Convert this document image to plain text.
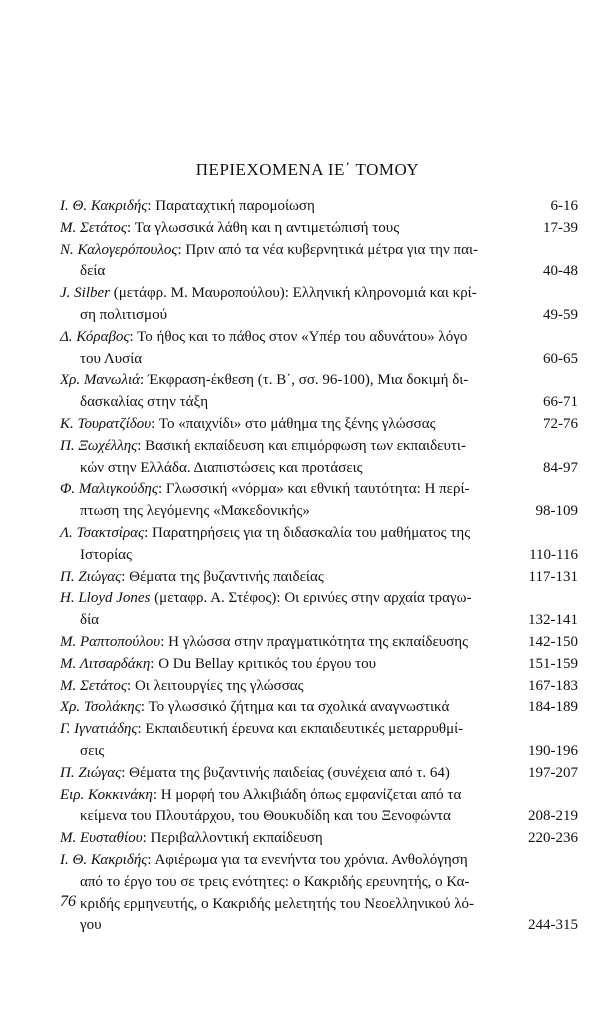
ΠΕΡΙΕΧΟΜΕΝΑ ΙΕ΄ ΤΟΜΟΥ
Ι. Θ. Κακριδής: Παραταχτική παρομοίωση	6-16
Μ. Σετάτος: Τα γλωσσικά λάθη και η αντιμετώπισή τους	17-39
Ν. Καλογερόπουλος: Πριν από τα νέα κυβερνητικά μέτρα για την παι-
δεία	40-48
J. Silber (μετάφρ. Μ. Μαυροπούλου): Ελληνική κληρονομιά και κρί-
ση πολιτισμού	49-59
Δ. Κόραβος: Το ήθος και το πάθος στον «Υπέρ του αδυνάτου» λόγο
του Λυσία	60-65
Χρ. Μανωλιά: Έκφραση-έκθεση (τ. Β΄, σσ. 96-100), Μια δοκιμή δι-
δασκαλίας στην τάξη	66-71
Κ. Τουρατζίδου: Το «παιχνίδι» στο μάθημα της ξένης γλώσσας	72-76
Π. Ξωχέλλης: Βασική εκπαίδευση και επιμόρφωση των εκπαιδευτι-
κών στην Ελλάδα. Διαπιστώσεις και προτάσεις	84-97
Φ. Μαλιγκούδης: Γλωσσική «νόρμα» και εθνική ταυτότητα: Η περί-
πτωση της λεγόμενης «Μακεδονικής»	98-109
Λ. Τσακτσίρας: Παρατηρήσεις για τη διδασκαλία του μαθήματος της
Ιστορίας	110-116
Π. Ζιώγας: Θέματα της βυζαντινής παιδείας	117-131
H. Lloyd Jones (μεταφρ. Α. Στέφος): Οι ερινύες στην αρχαία τραγω-
δία	132-141
Μ. Ραπτοπούλου: Η γλώσσα στην πραγματικότητα της εκπαίδευσης	142-150
Μ. Λιτσαρδάκη: Ο Du Bellay κριτικός του έργου του	151-159
Μ. Σετάτος: Οι λειτουργίες της γλώσσας	167-183
Χρ. Τσολάκης: Το γλωσσικό ζήτημα και τα σχολικά αναγνωστικά	184-189
Γ. Ιγνατιάδης: Εκπαιδευτική έρευνα και εκπαιδευτικές μεταρρυθμί-
σεις	190-196
Π. Ζιώγας: Θέματα της βυζαντινής παιδείας (συνέχεια από τ. 64)	197-207
Ειρ. Κοκκινάκη: Η μορφή του Αλκιβιάδη όπως εμφανίζεται από τα
κείμενα του Πλουτάρχου, του Θουκυδίδη και του Ξενοφώντα	208-219
Μ. Ευσταθίου: Περιβαλλοντική εκπαίδευση	220-236
Ι. Θ. Κακριδής: Αφιέρωμα για τα ενενήντα του χρόνια. Ανθολόγηση
από το έργο του σε τρεις ενότητες: ο Κακριδής ερευνητής, ο Κα-
κριδής ερμηνευτής, ο Κακριδής μελετητής του Νεοελληνικού λό-
γου	244-315
76
